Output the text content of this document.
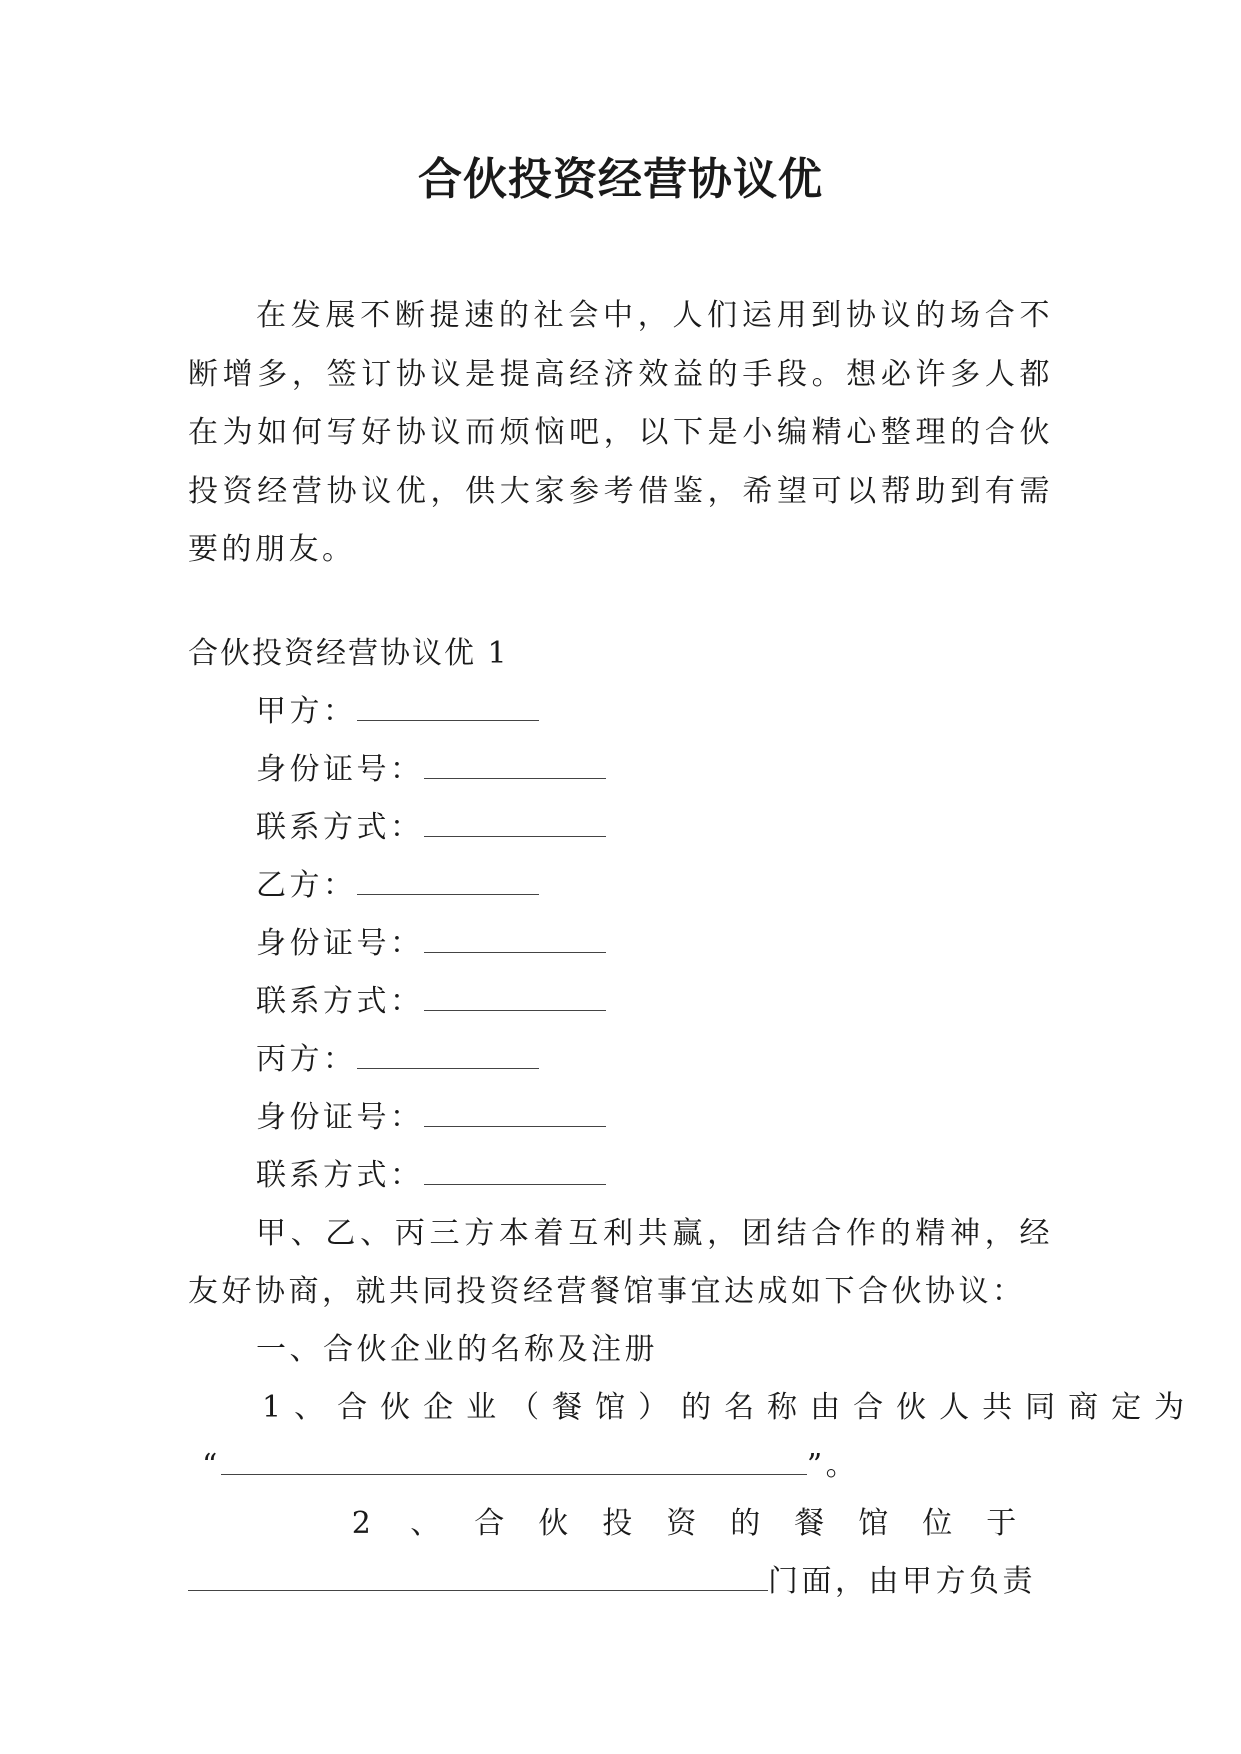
合伙投资经营协议优

在发展不断提速的社会中，人们运用到协议的场合不断增多，签订协议是提高经济效益的手段。想必许多人都在为如何写好协议而烦恼吧，以下是小编精心整理的合伙投资经营协议优，供大家参考借鉴，希望可以帮助到有需要的朋友。

合伙投资经营协议优 1
甲方：
身份证号：
联系方式：
乙方：
身份证号：
联系方式：
丙方：
身份证号：
联系方式：

甲、乙、丙三方本着互利共赢，团结合作的精神，经友好协商，就共同投资经营餐馆事宜达成如下合伙协议：

一、合伙企业的名称及注册
1、合伙企业（餐馆）的名称由合伙人共同商定为
“	”。
2 、 合 伙 投 资 的 餐 馆 位 于
门面，由甲方负责
